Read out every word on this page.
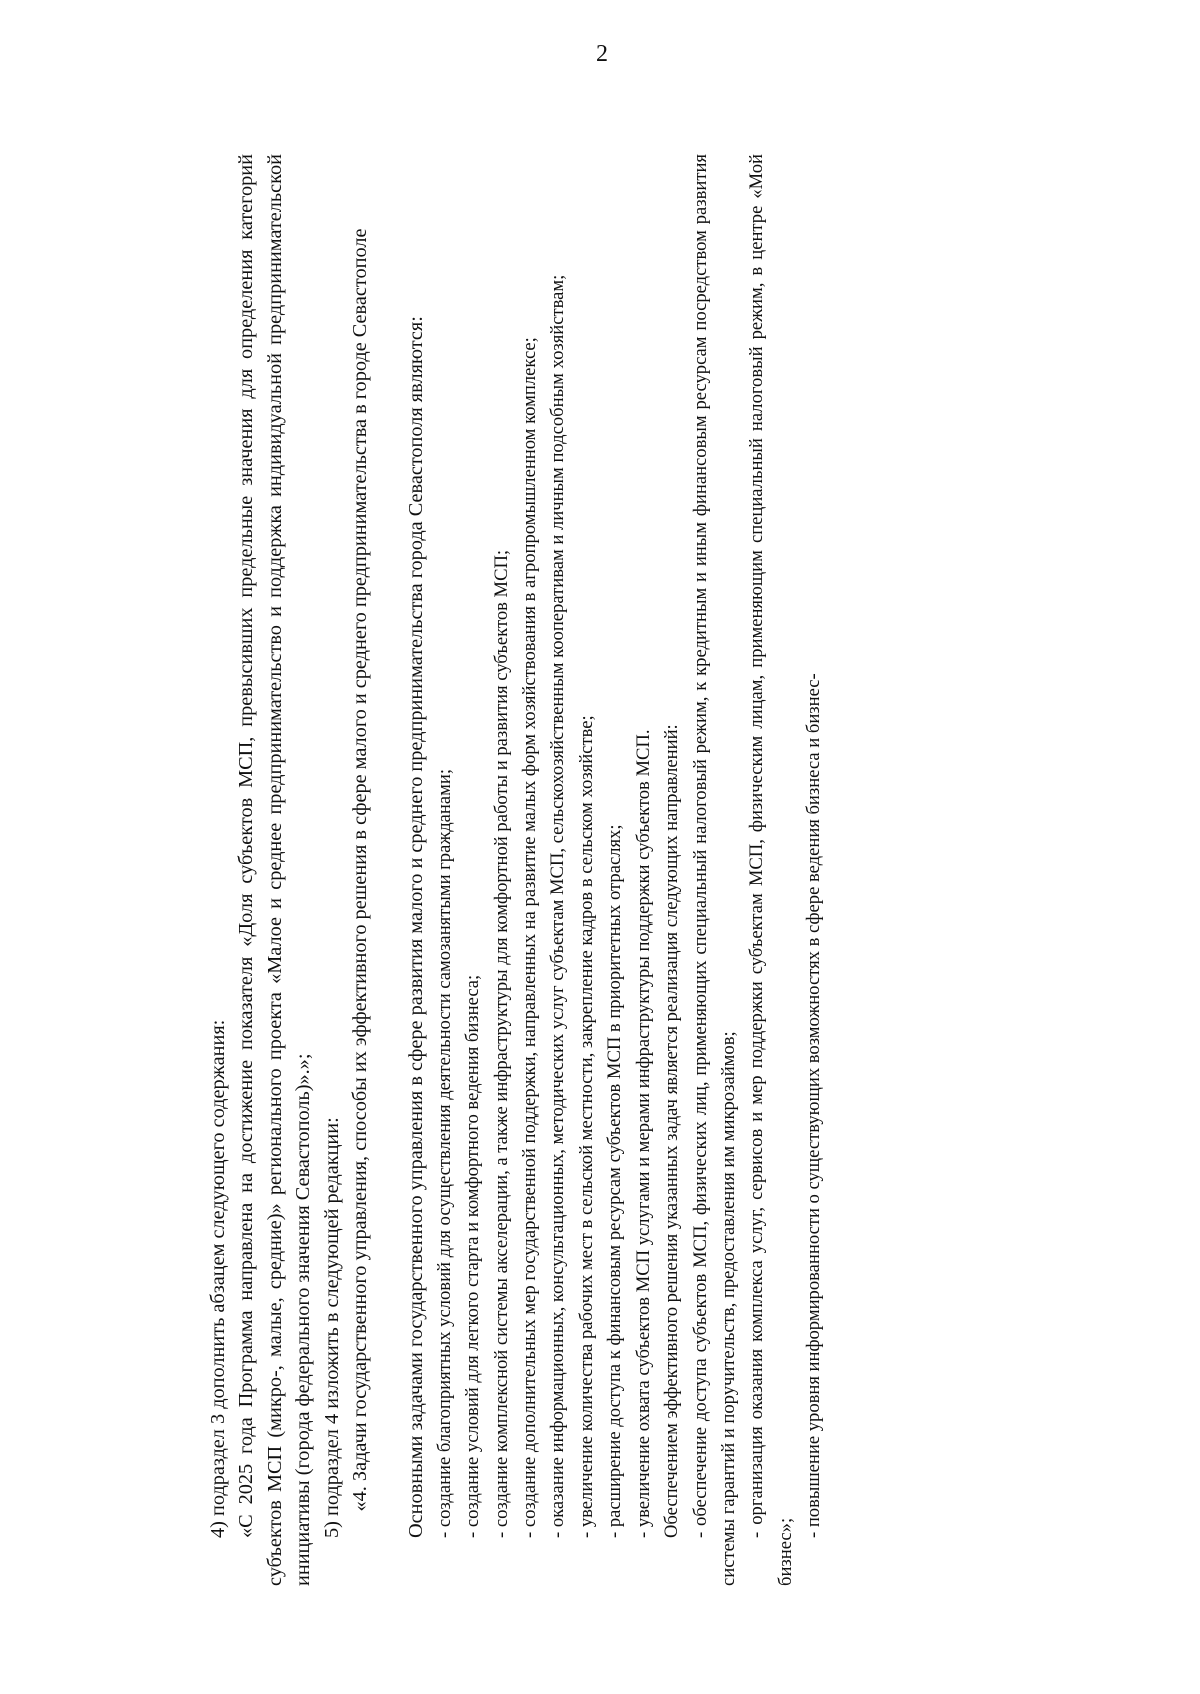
2

4) подраздел 3 дополнить абзацем следующего содержания: «С 2025 года Программа направлена на достижение показателя «Доля субъектов МСП, превысивших предельные значения для определения категорий субъектов МСП (микро-, малые, средние)» регионального проекта «Малое и среднее предпринимательство и поддержка индивидуальной предпринимательской инициативы (города федерального значения Севастополь)».»; 5) подраздел 4 изложить в следующей редакции: «4. Задачи государственного управления, способы их эффективного решения в сфере малого и среднего предпринимательства в городе Севастополе Основными задачами государственного управления в сфере развития малого и среднего предпринимательства города Севастополя являются: - создание благоприятных условий для осуществления деятельности самозанятыми гражданами; - создание условий для легкого старта и комфортного ведения бизнеса; - создание комплексной системы акселерации, а также инфраструктуры для комфортной работы и развития субъектов МСП; - создание дополнительных мер государственной поддержки, направленных на развитие малых форм хозяйствования в агропромышленном комплексе; - оказание информационных, консультационных, методических услуг субъектам МСП, сельскохозяйственным кооперативам и личным подсобным хозяйствам; - увеличение количества рабочих мест в сельской местности, закрепление кадров в сельском хозяйстве; - расширение доступа к финансовым ресурсам субъектов МСП в приоритетных отраслях; - увеличение охвата субъектов МСП услугами и мерами инфраструктуры поддержки субъектов МСП. Обеспечением эффективного решения указанных задач является реализация следующих направлений: - обеспечение доступа субъектов МСП, физических лиц, применяющих специальный налоговый режим, к кредитным и иным финансовым ресурсам посредством развития системы гарантий и поручительств, предоставления им микрозаймов; - организация оказания комплекса услуг, сервисов и мер поддержки субъектам МСП, физическим лицам, применяющим специальный налоговый режим, в центре «Мой бизнес»;

- повышение уровня информированности о существующих возможностях в сфере ведения бизнеса и бизнес-
